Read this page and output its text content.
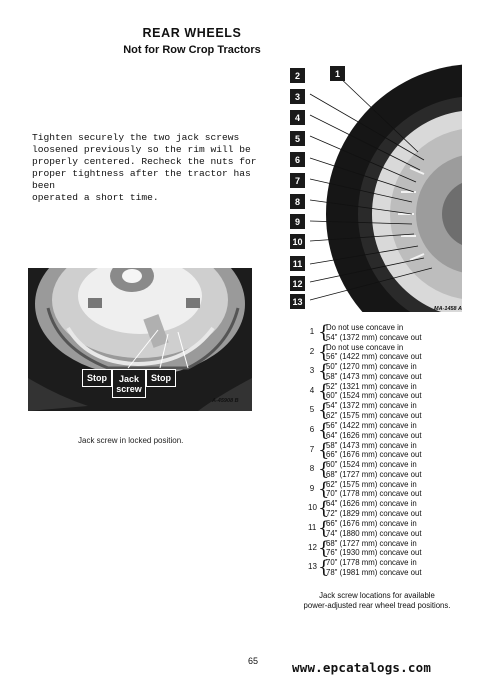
REAR WHEELS
Not for Row Crop Tractors
Tighten securely the two jack screws
loosened previously so the rim will be
properly centered. Recheck the nuts for
proper tightness after the tractor has been
operated a short time.
Stop	Jack
screw
Stop
A-45908 B
Jack screw in locked position.
1
2
3
4
5
6
7
8
9
10
11
12
13
MA-1458 A
1 {
Do not use concave in
54" (1372 mm) concave out
2 {
Do not use concave in
56" (1422 mm) concave out
3 {
50" (1270 mm) concave in
58" (1473 mm) concave out
4 {
52" (1321 mm) concave in
60" (1524 mm) concave out
5 {
54" (1372 mm) concave in
62" (1575 mm) concave out
6 {
56" (1422 mm) concave in
64" (1626 mm) concave out
7 {
58" (1473 mm) concave in
66" (1676 mm) concave out
8 {
60" (1524 mm) concave in
68" (1727 mm) concave out
9 {
62" (1575 mm) concave in
70" (1778 mm) concave out
10 {
64" (1626 mm) concave in
72" (1829 mm) concave out
11 {
66" (1676 mm) concave in
74" (1880 mm) concave out
12 {
68" (1727 mm) concave in
76" (1930 mm) concave out
13 {
70" (1778 mm) concave in
78" (1981 mm) concave out
Jack screw locations for available
power-adjusted rear wheel tread positions.
65	www.epcatalogs.com
